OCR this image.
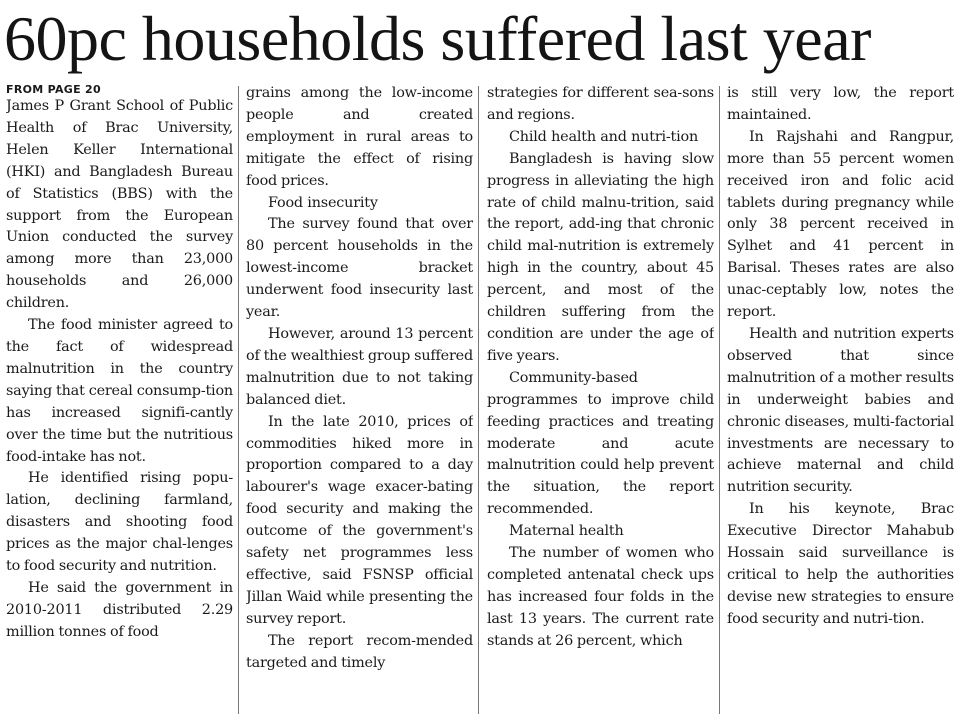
60pc households suffered last year
FROM PAGE 20

James P Grant School of Public Health of Brac University, Helen Keller International (HKI) and Bangladesh Bureau of Statistics (BBS) with the support from the European Union conducted the survey among more than 23,000 households and 26,000 children.

The food minister agreed to the fact of widespread malnutrition in the country saying that cereal consump-tion has increased signifi-cantly over the time but the nutritious food-intake has not.

He identified rising popu-lation, declining farmland, disasters and shooting food prices as the major chal-lenges to food security and nutrition.

He said the government in 2010-2011 distributed 2.29 million tonnes of food

grains among the low-income people and created employment in rural areas to mitigate the effect of rising food prices.

Food insecurity

The survey found that over 80 percent households in the lowest-income bracket underwent food insecurity last year.

However, around 13 percent of the wealthiest group suffered malnutrition due to not taking balanced diet.

In the late 2010, prices of commodities hiked more in proportion compared to a day labourer's wage exacer-bating food security and making the outcome of the government's safety net programmes less effective, said FSNSP official Jillan Waid while presenting the survey report.

The report recom-mended targeted and timely

strategies for different sea-sons and regions.

Child health and nutri-tion

Bangladesh is having slow progress in alleviating the high rate of child malnu-trition, said the report, add-ing that chronic child mal-nutrition is extremely high in the country, about 45 percent, and most of the children suffering from the condition are under the age of five years.

Community-based programmes to improve child feeding practices and treating moderate and acute malnutrition could help prevent the situation, the report recommended.

Maternal health

The number of women who completed antenatal check ups has increased four folds in the last 13 years. The current rate stands at 26 percent, which

is still very low, the report maintained.

In Rajshahi and Rangpur, more than 55 percent women received iron and folic acid tablets during pregnancy while only 38 percent received in Sylhet and 41 percent in Barisal. Theses rates are also unac-ceptably low, notes the report.

Health and nutrition experts observed that since malnutrition of a mother results in underweight babies and chronic diseases, multi-factorial investments are necessary to achieve maternal and child nutrition security.

In his keynote, Brac Executive Director Mahabub Hossain said surveillance is critical to help the authorities devise new strategies to ensure food security and nutri-tion.
